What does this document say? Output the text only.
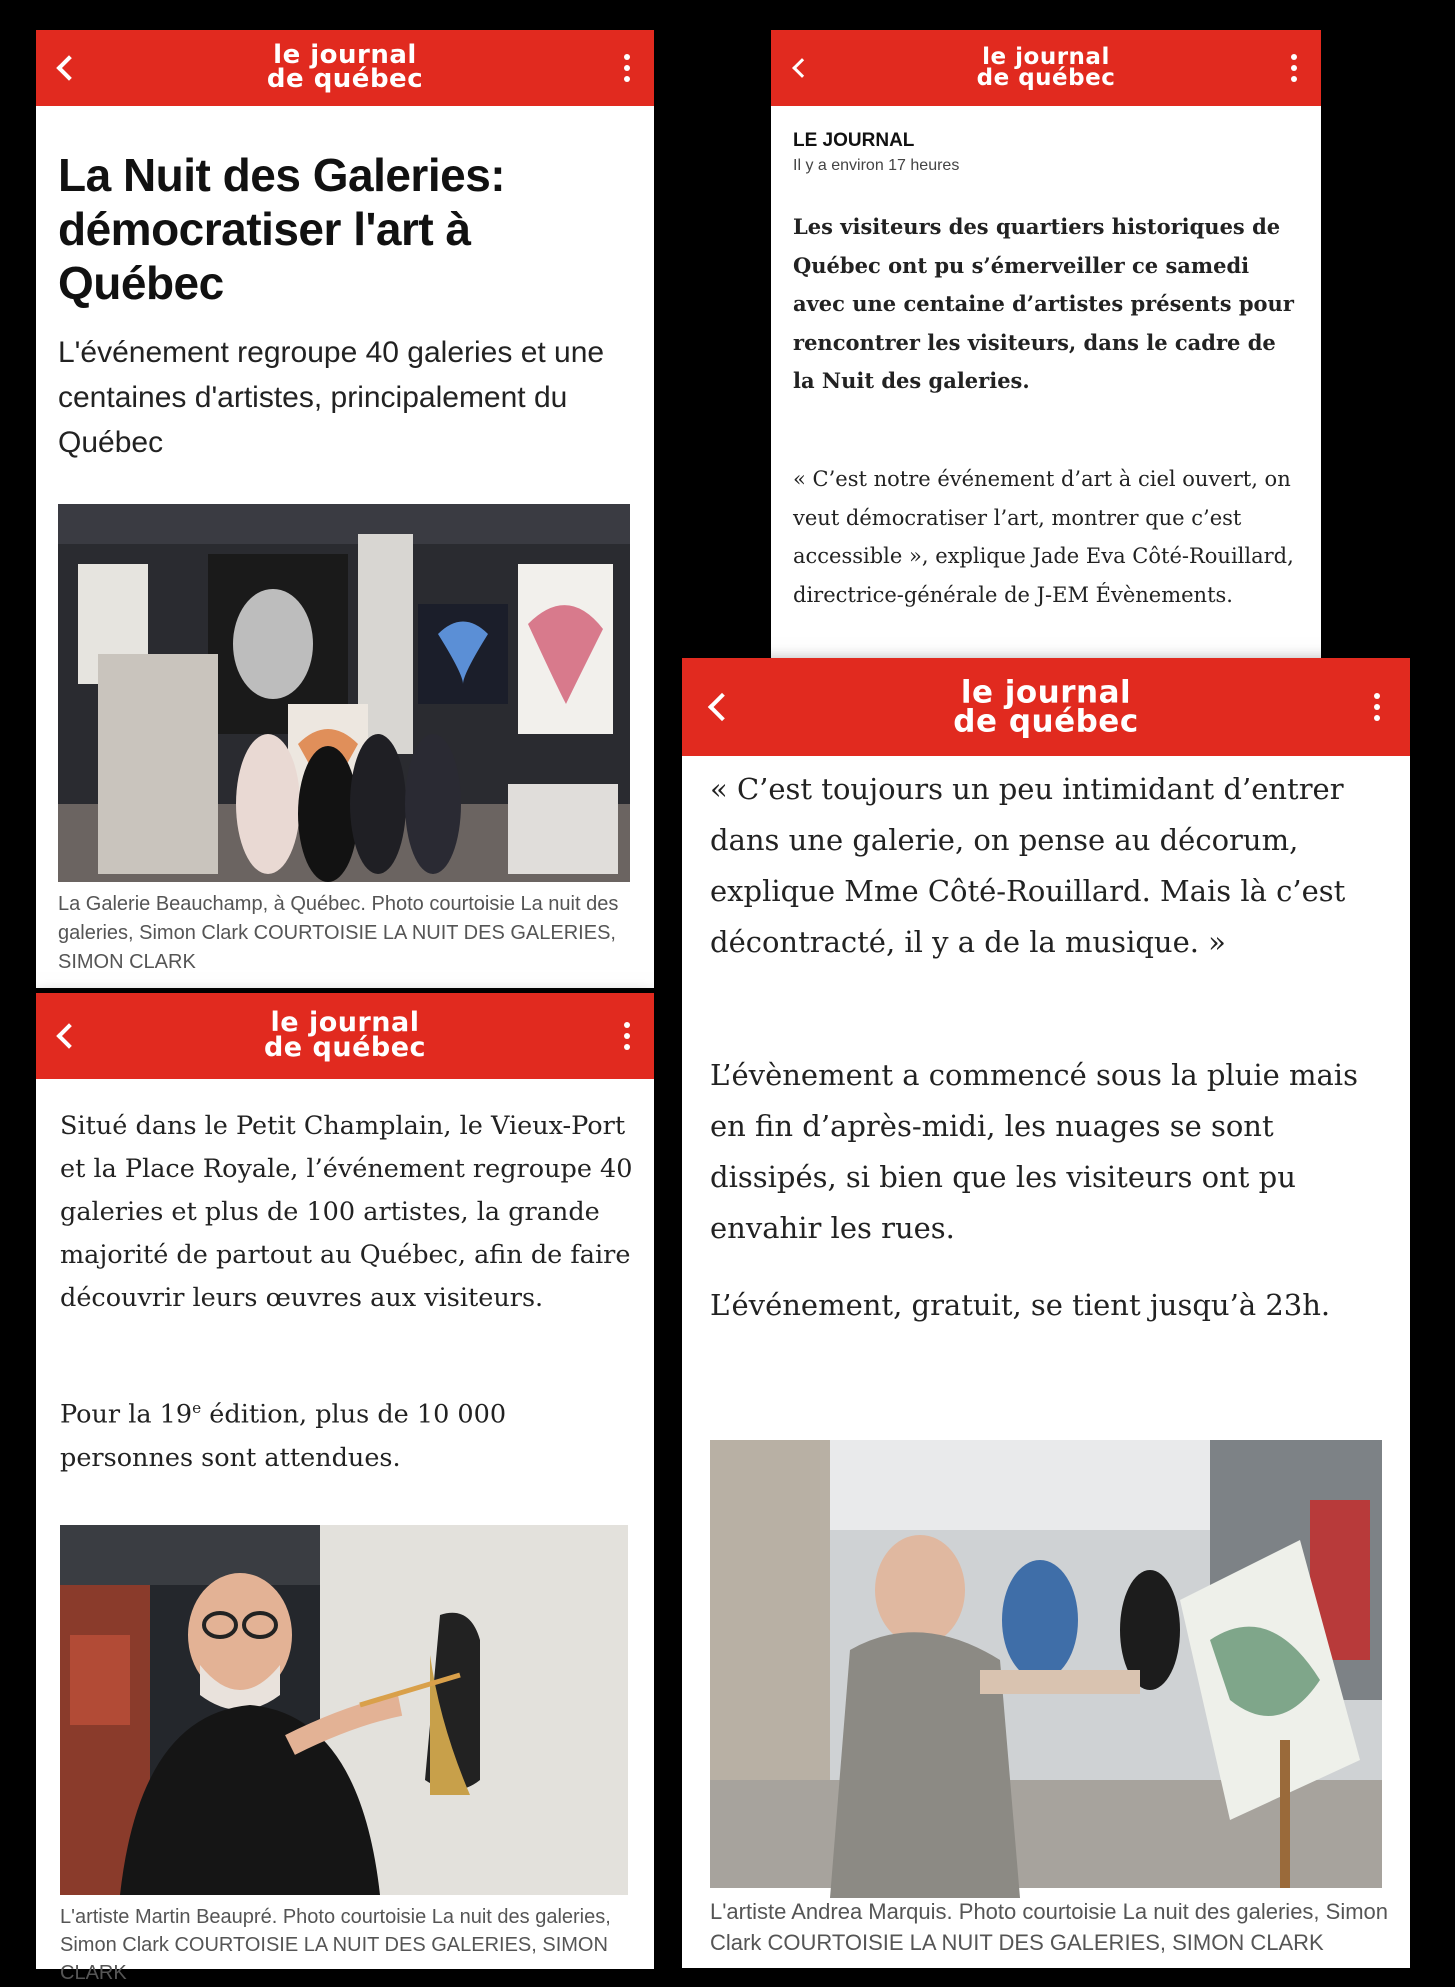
le journal
de québec
La Nuit des Galeries: démocratiser l'art à Québec

L'événement regroupe 40 galeries et une centaines d'artistes, principalement du Québec

La Galerie Beauchamp, à Québec. Photo courtoisie La nuit des galeries, Simon Clark COURTOISIE LA NUIT DES GALERIES, SIMON CLARK

le journal
de québec

LE JOURNAL

Il y a environ 17 heures

Les visiteurs des quartiers historiques de Québec ont pu s’émerveiller ce samedi avec une centaine d’artistes présents pour rencontrer les visiteurs, dans le cadre de la Nuit des galeries.

« C’est notre événement d’art à ciel ouvert, on veut démocratiser l’art, montrer que c’est accessible », explique Jade Eva Côté-Rouillard, directrice-générale de J-EM Évènements.

le journal
de québec

« C’est toujours un peu intimidant d’entrer dans une galerie, on pense au décorum, explique Mme Côté-Rouillard. Mais là c’est décontracté, il y a de la musique. »

L’évènement a commencé sous la pluie mais en fin d’après-midi, les nuages se sont dissipés, si bien que les visiteurs ont pu envahir les rues.

L’événement, gratuit, se tient jusqu’à 23h.

L'artiste Andrea Marquis. Photo courtoisie La nuit des galeries, Simon Clark COURTOISIE LA NUIT DES GALERIES, SIMON CLARK

le journal
de québec

Situé dans le Petit Champlain, le Vieux-Port et la Place Royale, l’événement regroupe 40 galeries et plus de 100 artistes, la grande majorité de partout au Québec, afin de faire découvrir leurs œuvres aux visiteurs.

Pour la 19e édition, plus de 10 000 personnes sont attendues.

L'artiste Martin Beaupré. Photo courtoisie La nuit des galeries, Simon Clark COURTOISIE LA NUIT DES GALERIES, SIMON CLARK
